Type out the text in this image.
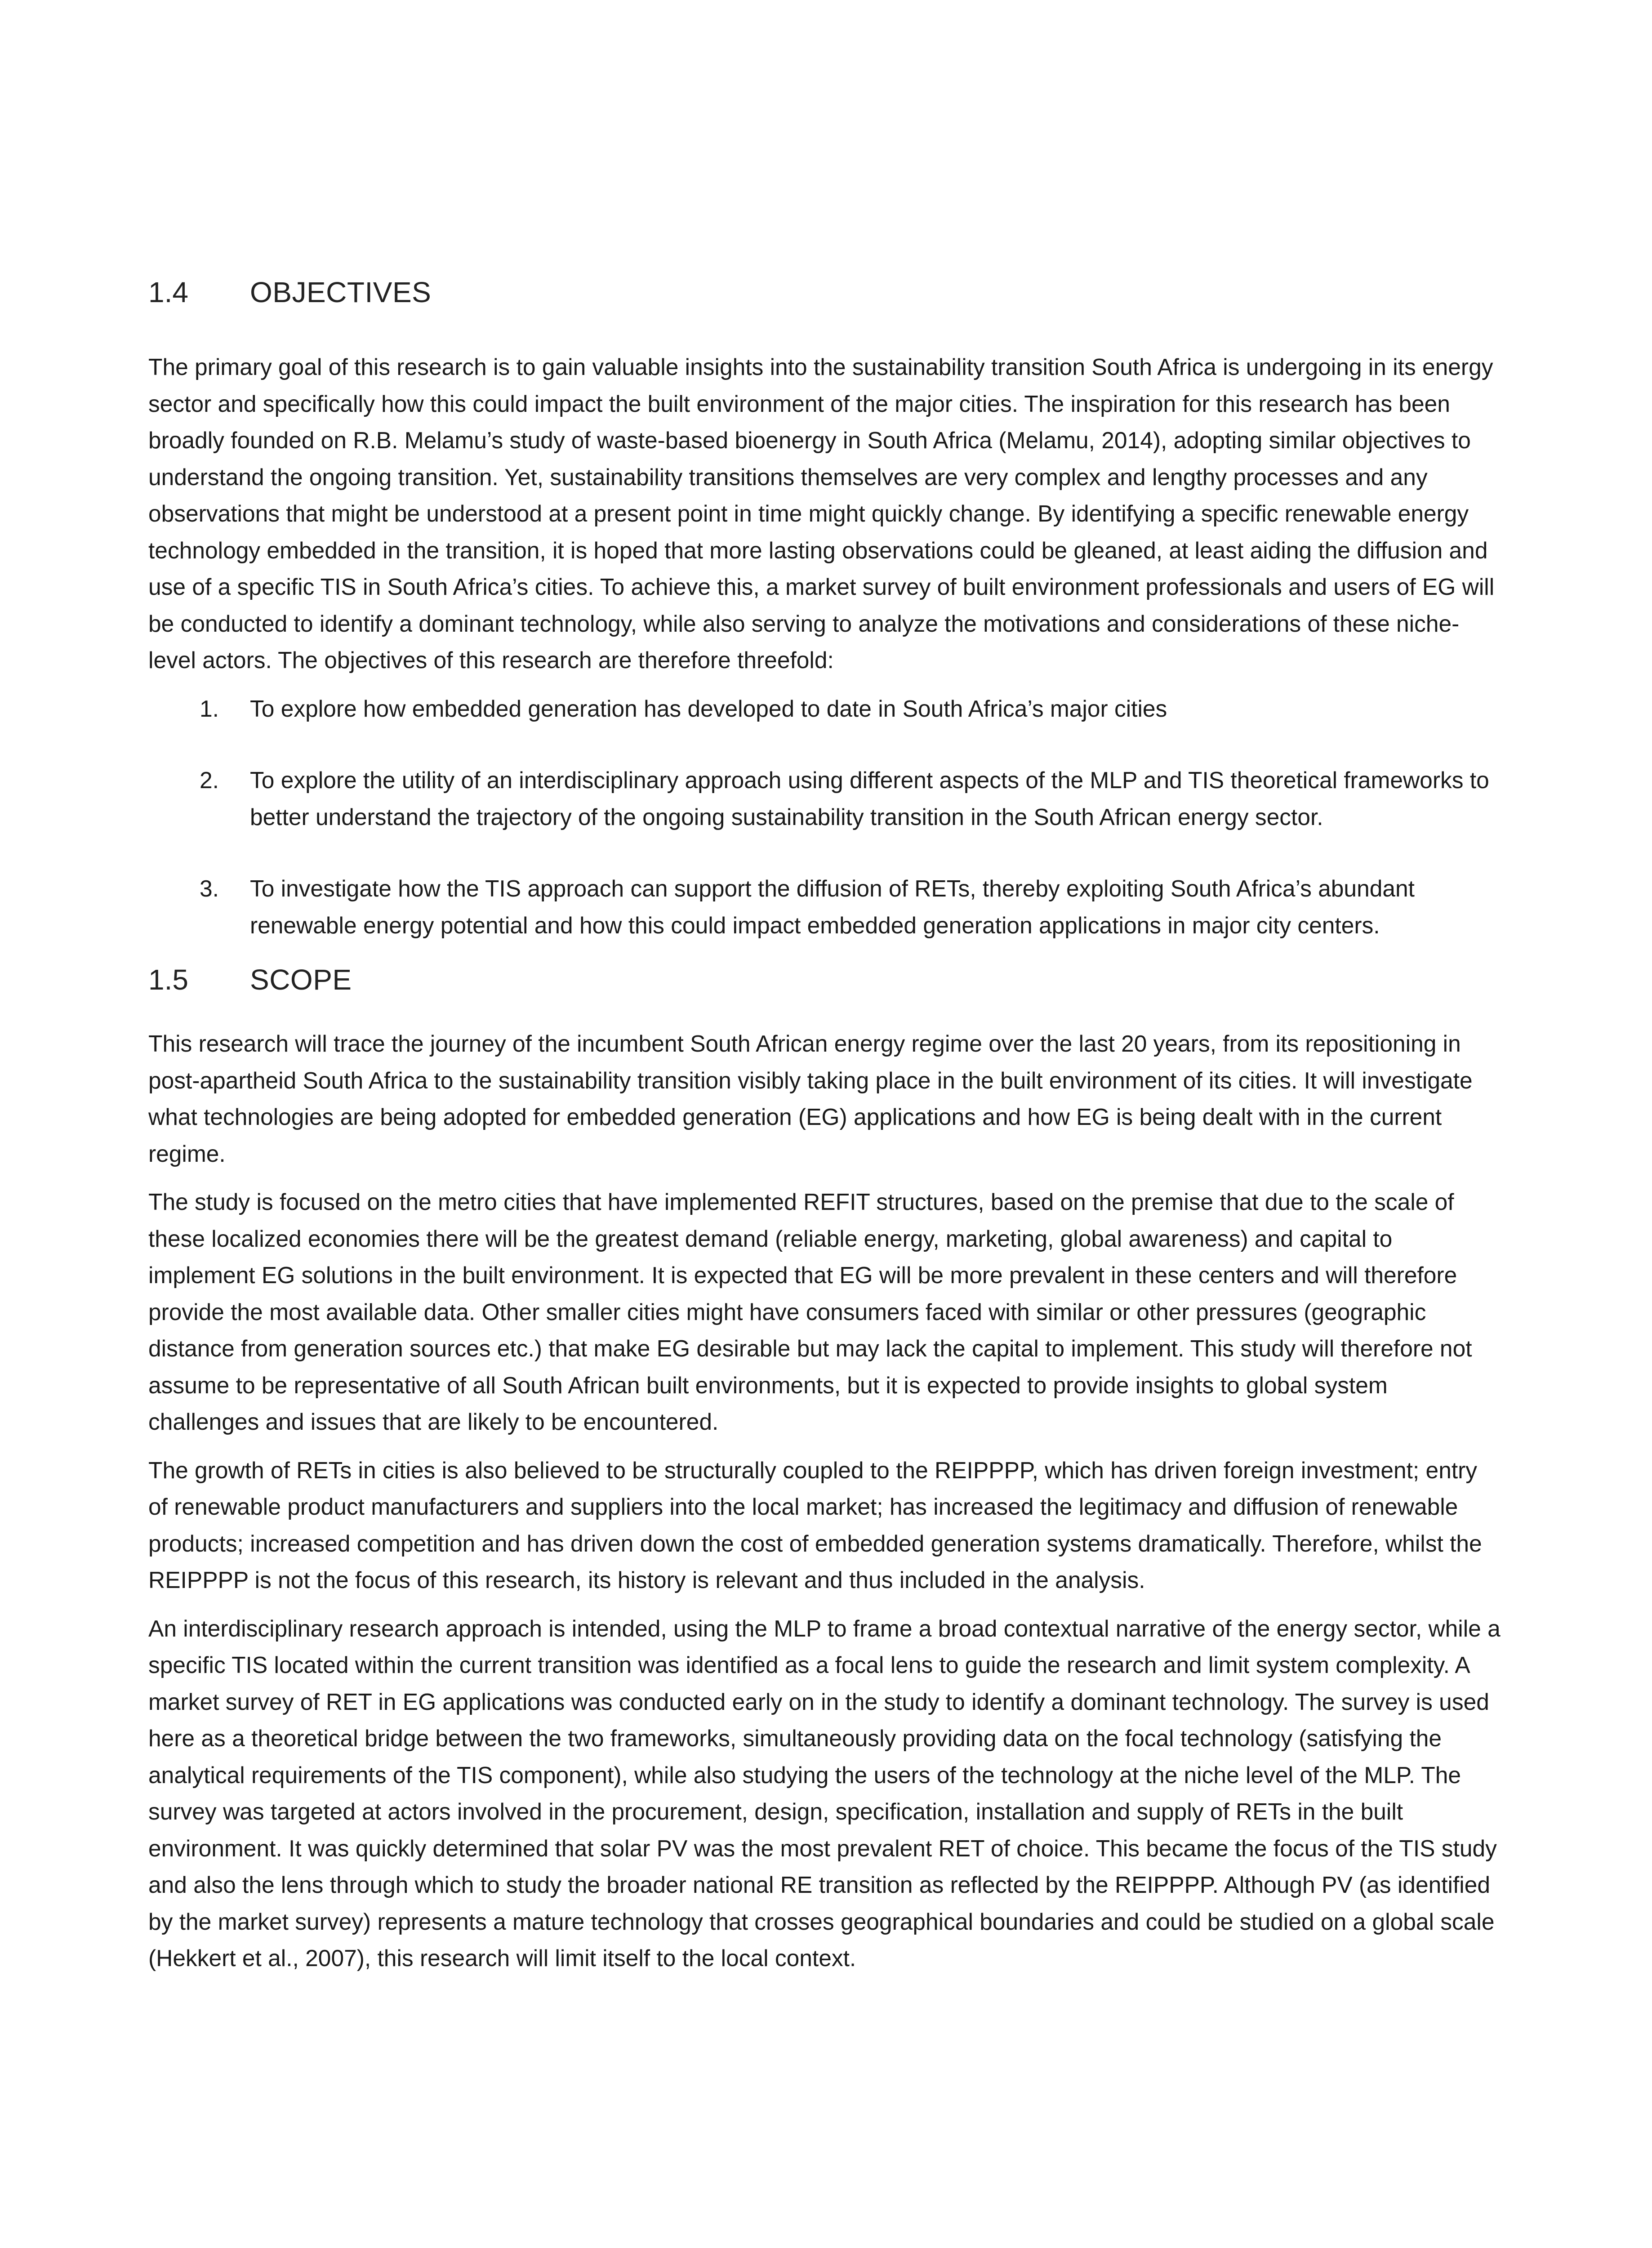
1.4	OBJECTIVES

The primary goal of this research is to gain valuable insights into the sustainability transition South Africa is undergoing in its energy sector and specifically how this could impact the built environment of the major cities. The inspiration for this research has been broadly founded on R.B. Melamu’s study of waste-based bioenergy in South Africa (Melamu, 2014), adopting similar objectives to understand the ongoing transition. Yet, sustainability transitions themselves are very complex and lengthy processes and any observations that might be understood at a present point in time might quickly change. By identifying a specific renewable energy technology embedded in the transition, it is hoped that more lasting observations could be gleaned, at least aiding the diffusion and use of a specific TIS in South Africa’s cities. To achieve this, a market survey of built environment professionals and users of EG will be conducted to identify a dominant technology, while also serving to analyze the motivations and considerations of these niche-level actors. The objectives of this research are therefore threefold:

1.	To explore how embedded generation has developed to date in South Africa’s major cities
2.	To explore the utility of an interdisciplinary approach using different aspects of the MLP and TIS theoretical frameworks to better understand the trajectory of the ongoing sustainability transition in the South African energy sector.
3.	To investigate how the TIS approach can support the diffusion of RETs, thereby exploiting South Africa’s abundant renewable energy potential and how this could impact embedded generation applications in major city centers.
1.5	SCOPE

This research will trace the journey of the incumbent South African energy regime over the last 20 years, from its repositioning in post-apartheid South Africa to the sustainability transition visibly taking place in the built environment of its cities. It will investigate what technologies are being adopted for embedded generation (EG) applications and how EG is being dealt with in the current regime.

The study is focused on the metro cities that have implemented REFIT structures, based on the premise that due to the scale of these localized economies there will be the greatest demand (reliable energy, marketing, global awareness) and capital to implement EG solutions in the built environment. It is expected that EG will be more prevalent in these centers and will therefore provide the most available data. Other smaller cities might have consumers faced with similar or other pressures (geographic distance from generation sources etc.) that make EG desirable but may lack the capital to implement. This study will therefore not assume to be representative of all South African built environments, but it is expected to provide insights to global system challenges and issues that are likely to be encountered.

The growth of RETs in cities is also believed to be structurally coupled to the REIPPPP, which has driven foreign investment; entry of renewable product manufacturers and suppliers into the local market; has increased the legitimacy and diffusion of renewable products; increased competition and has driven down the cost of embedded generation systems dramatically. Therefore, whilst the REIPPPP is not the focus of this research, its history is relevant and thus included in the analysis.

An interdisciplinary research approach is intended, using the MLP to frame a broad contextual narrative of the energy sector, while a specific TIS located within the current transition was identified as a focal lens to guide the research and limit system complexity. A market survey of RET in EG applications was conducted early on in the study to identify a dominant technology. The survey is used here as a theoretical bridge between the two frameworks, simultaneously providing data on the focal technology (satisfying the analytical requirements of the TIS component), while also studying the users of the technology at the niche level of the MLP. The survey was targeted at actors involved in the procurement, design, specification, installation and supply of RETs in the built environment. It was quickly determined that solar PV was the most prevalent RET of choice. This became the focus of the TIS study and also the lens through which to study the broader national RE transition as reflected by the REIPPPP. Although PV (as identified by the market survey) represents a mature technology that crosses geographical boundaries and could be studied on a global scale (Hekkert et al., 2007), this research will limit itself to the local context.
